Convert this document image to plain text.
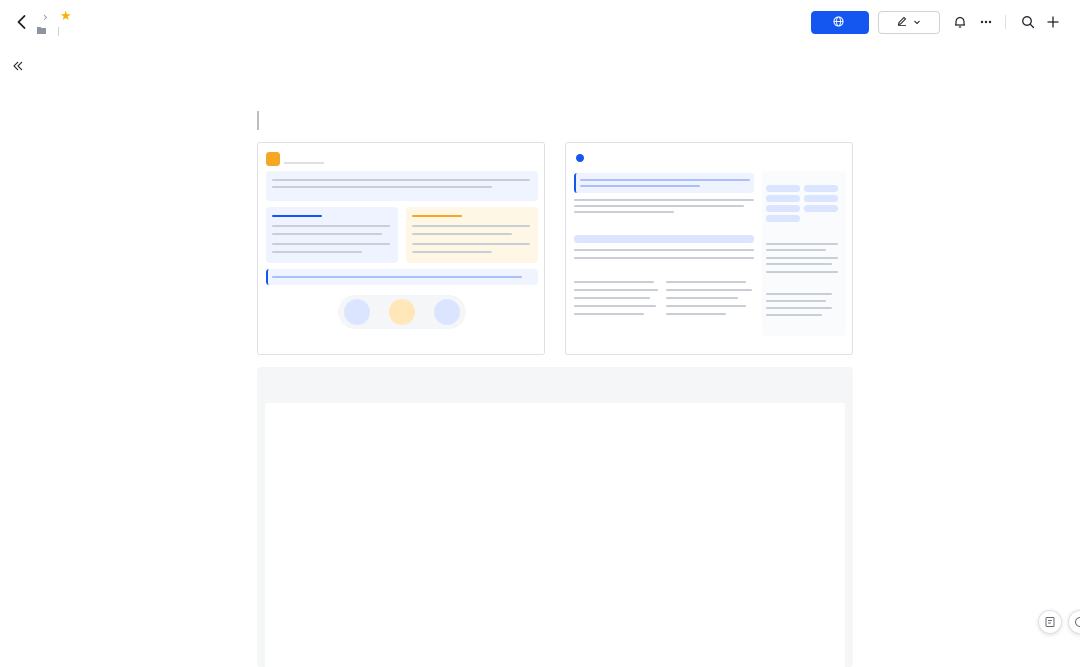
› ★
